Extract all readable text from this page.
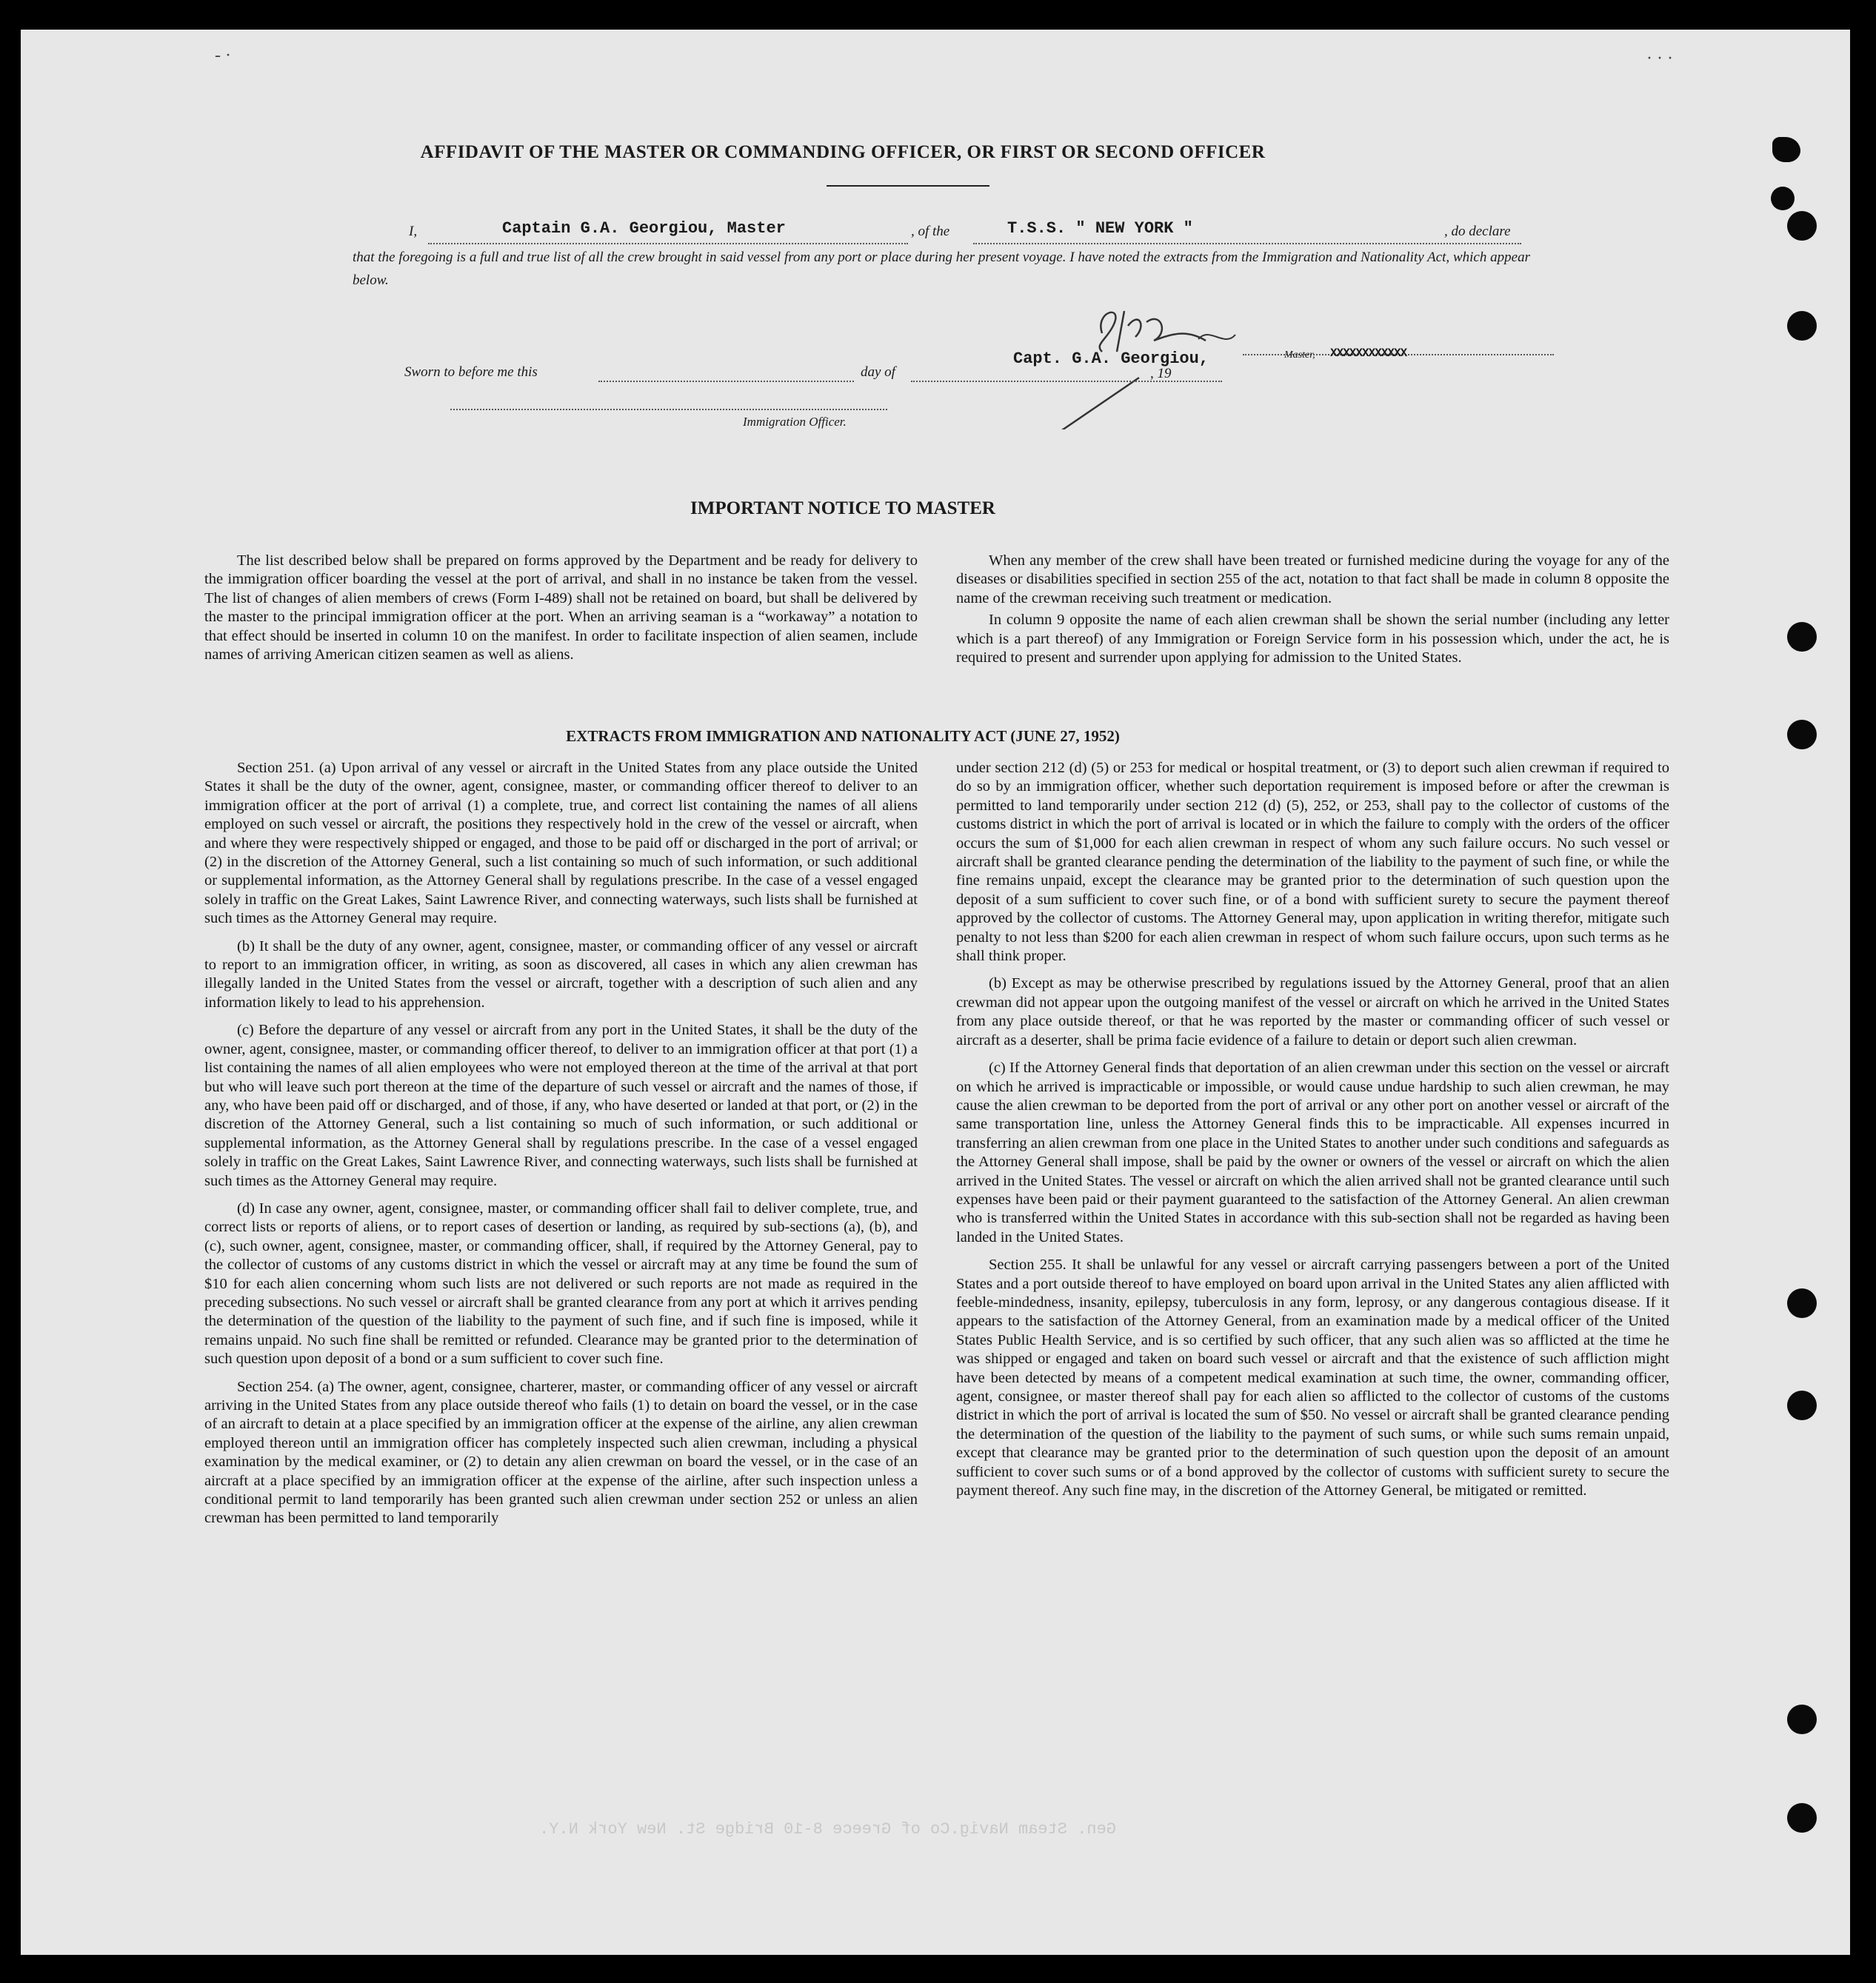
- ·	· · ·
Gen. Steam Navig.Co of Greece 8-10 Bridge St. New York N.Y.
AFFIDAVIT OF THE MASTER OR COMMANDING OFFICER, OR FIRST OR SECOND OFFICER
I,	Captain G.A. Georgiou, Master	, of the	T.S.S. " NEW YORK "	, do declare
that the foregoing is a full and true list of all the crew brought in said vessel from any port or place during her present voyage. I have noted the extracts from the Immigration and Nationality Act, which appear below.
Sworn to before me this	day of	, 19
Capt. G.A. Georgiou,	Master, XXXXXXXXXXXX
Immigration Officer.
IMPORTANT NOTICE TO MASTER

The list described below shall be prepared on forms approved by the Department and be ready for delivery to the immigration officer boarding the vessel at the port of arrival, and shall in no instance be taken from the vessel. The list of changes of alien members of crews (Form I-489) shall not be retained on board, but shall be delivered by the master to the principal immigration officer at the port. When an arriving seaman is a “workaway” a notation to that effect should be inserted in column 10 on the manifest. In order to facilitate inspection of alien seamen, include names of arriving American citizen seamen as well as aliens.

When any member of the crew shall have been treated or furnished medicine during the voyage for any of the diseases or disabilities specified in section 255 of the act, notation to that fact shall be made in column 8 opposite the name of the crewman receiving such treatment or medication.

In column 9 opposite the name of each alien crewman shall be shown the serial number (including any letter which is a part thereof) of any Immigration or Foreign Service form in his possession which, under the act, he is required to present and surrender upon applying for admission to the United States.

EXTRACTS FROM IMMIGRATION AND NATIONALITY ACT (JUNE 27, 1952)

Section 251. (a) Upon arrival of any vessel or aircraft in the United States from any place outside the United States it shall be the duty of the owner, agent, consignee, master, or commanding officer thereof to deliver to an immigration officer at the port of arrival (1) a complete, true, and correct list containing the names of all aliens employed on such vessel or aircraft, the positions they respectively hold in the crew of the vessel or aircraft, when and where they were respectively shipped or engaged, and those to be paid off or discharged in the port of arrival; or (2) in the discretion of the Attorney General, such a list containing so much of such information, or such additional or supplemental information, as the Attorney General shall by regulations prescribe. In the case of a vessel engaged solely in traffic on the Great Lakes, Saint Lawrence River, and connecting waterways, such lists shall be furnished at such times as the Attorney General may require.

(b) It shall be the duty of any owner, agent, consignee, master, or commanding officer of any vessel or aircraft to report to an immigration officer, in writing, as soon as discovered, all cases in which any alien crewman has illegally landed in the United States from the vessel or aircraft, together with a description of such alien and any information likely to lead to his apprehension.

(c) Before the departure of any vessel or aircraft from any port in the United States, it shall be the duty of the owner, agent, consignee, master, or commanding officer thereof, to deliver to an immigration officer at that port (1) a list containing the names of all alien employees who were not employed thereon at the time of the arrival at that port but who will leave such port thereon at the time of the departure of such vessel or aircraft and the names of those, if any, who have been paid off or discharged, and of those, if any, who have deserted or landed at that port, or (2) in the discretion of the Attorney General, such a list containing so much of such information, or such additional or supplemental information, as the Attorney General shall by regulations prescribe. In the case of a vessel engaged solely in traffic on the Great Lakes, Saint Lawrence River, and connecting waterways, such lists shall be furnished at such times as the Attorney General may require.

(d) In case any owner, agent, consignee, master, or commanding officer shall fail to deliver complete, true, and correct lists or reports of aliens, or to report cases of desertion or landing, as required by sub-sections (a), (b), and (c), such owner, agent, consignee, master, or commanding officer, shall, if required by the Attorney General, pay to the collector of customs of any customs district in which the vessel or aircraft may at any time be found the sum of $10 for each alien concerning whom such lists are not delivered or such reports are not made as required in the preceding subsections. No such vessel or aircraft shall be granted clearance from any port at which it arrives pending the determination of the question of the liability to the payment of such fine, and if such fine is imposed, while it remains unpaid. No such fine shall be remitted or refunded. Clearance may be granted prior to the determination of such question upon deposit of a bond or a sum sufficient to cover such fine.

Section 254. (a) The owner, agent, consignee, charterer, master, or commanding officer of any vessel or aircraft arriving in the United States from any place outside thereof who fails (1) to detain on board the vessel, or in the case of an aircraft to detain at a place specified by an immigration officer at the expense of the airline, any alien crewman employed thereon until an immigration officer has completely inspected such alien crewman, including a physical examination by the medical examiner, or (2) to detain any alien crewman on board the vessel, or in the case of an aircraft at a place specified by an immigration officer at the expense of the airline, after such inspection unless a conditional permit to land temporarily has been granted such alien crewman under section 252 or unless an alien crewman has been permitted to land temporarily

under section 212 (d) (5) or 253 for medical or hospital treatment, or (3) to deport such alien crewman if required to do so by an immigration officer, whether such deportation requirement is imposed before or after the crewman is permitted to land temporarily under section 212 (d) (5), 252, or 253, shall pay to the collector of customs of the customs district in which the port of arrival is located or in which the failure to comply with the orders of the officer occurs the sum of $1,000 for each alien crewman in respect of whom any such failure occurs. No such vessel or aircraft shall be granted clearance pending the determination of the liability to the payment of such fine, or while the fine remains unpaid, except the clearance may be granted prior to the determination of such question upon the deposit of a sum sufficient to cover such fine, or of a bond with sufficient surety to secure the payment thereof approved by the collector of customs. The Attorney General may, upon application in writing therefor, mitigate such penalty to not less than $200 for each alien crewman in respect of whom such failure occurs, upon such terms as he shall think proper.

(b) Except as may be otherwise prescribed by regulations issued by the Attorney General, proof that an alien crewman did not appear upon the outgoing manifest of the vessel or aircraft on which he arrived in the United States from any place outside thereof, or that he was reported by the master or commanding officer of such vessel or aircraft as a deserter, shall be prima facie evidence of a failure to detain or deport such alien crewman.

(c) If the Attorney General finds that deportation of an alien crewman under this section on the vessel or aircraft on which he arrived is impracticable or impossible, or would cause undue hardship to such alien crewman, he may cause the alien crewman to be deported from the port of arrival or any other port on another vessel or aircraft of the same transportation line, unless the Attorney General finds this to be impracticable. All expenses incurred in transferring an alien crewman from one place in the United States to another under such conditions and safeguards as the Attorney General shall impose, shall be paid by the owner or owners of the vessel or aircraft on which the alien arrived in the United States. The vessel or aircraft on which the alien arrived shall not be granted clearance until such expenses have been paid or their payment guaranteed to the satisfaction of the Attorney General. An alien crewman who is transferred within the United States in accordance with this sub-section shall not be regarded as having been landed in the United States.

Section 255. It shall be unlawful for any vessel or aircraft carrying passengers between a port of the United States and a port outside thereof to have employed on board upon arrival in the United States any alien afflicted with feeble-mindedness, insanity, epilepsy, tuberculosis in any form, leprosy, or any dangerous contagious disease. If it appears to the satisfaction of the Attorney General, from an examination made by a medical officer of the United States Public Health Service, and is so certified by such officer, that any such alien was so afflicted at the time he was shipped or engaged and taken on board such vessel or aircraft and that the existence of such affliction might have been detected by means of a competent medical examination at such time, the owner, commanding officer, agent, consignee, or master thereof shall pay for each alien so afflicted to the collector of customs of the customs district in which the port of arrival is located the sum of $50. No vessel or aircraft shall be granted clearance pending the determination of the question of the liability to the payment of such sums, or while such sums remain unpaid, except that clearance may be granted prior to the determination of such question upon the deposit of an amount sufficient to cover such sums or of a bond approved by the collector of customs with sufficient surety to secure the payment thereof. Any such fine may, in the discretion of the Attorney General, be mitigated or remitted.
